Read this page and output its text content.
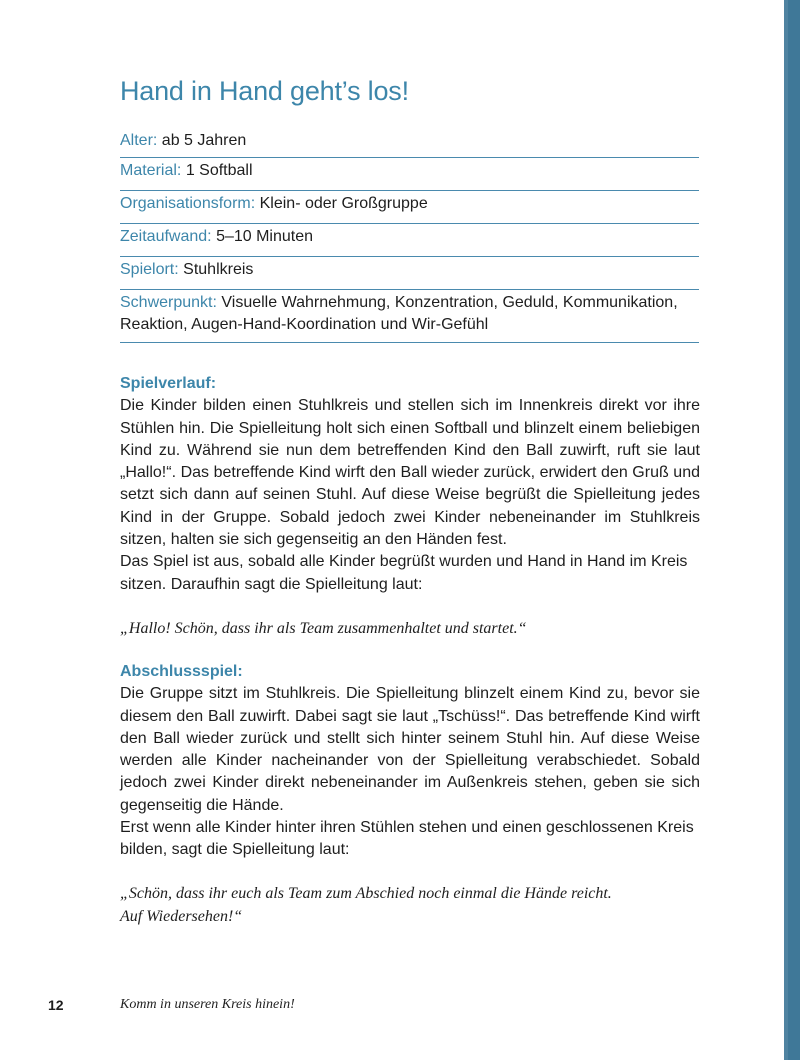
Hand in Hand geht’s los!
Alter: ab 5 Jahren
Material: 1 Softball
Organisationsform: Klein- oder Großgruppe
Zeitaufwand: 5–10 Minuten
Spielort: Stuhlkreis
Schwerpunkt: Visuelle Wahrnehmung, Konzentration, Geduld, Kommunikation, Reaktion, Augen-Hand-Koordination und Wir-Gefühl

Spielverlauf:

Die Kinder bilden einen Stuhlkreis und stellen sich im Innenkreis direkt vor ihre Stühlen hin. Die Spielleitung holt sich einen Softball und blinzelt einem beliebigen Kind zu. Während sie nun dem betreffenden Kind den Ball zuwirft, ruft sie laut „Hallo!“. Das betreffende Kind wirft den Ball wieder zurück, erwidert den Gruß und setzt sich dann auf seinen Stuhl. Auf diese Weise begrüßt die Spielleitung jedes Kind in der Gruppe. Sobald jedoch zwei Kinder nebeneinander im Stuhlkreis sitzen, halten sie sich gegenseitig an den Händen fest.

Das Spiel ist aus, sobald alle Kinder begrüßt wurden und Hand in Hand im Kreis sitzen. Daraufhin sagt die Spielleitung laut:

„Hallo! Schön, dass ihr als Team zusammenhaltet und startet.“

Abschlussspiel:

Die Gruppe sitzt im Stuhlkreis. Die Spielleitung blinzelt einem Kind zu, bevor sie diesem den Ball zuwirft. Dabei sagt sie laut „Tschüss!“. Das betreffende Kind wirft den Ball wieder zurück und stellt sich hinter seinem Stuhl hin. Auf diese Weise werden alle Kinder nacheinander von der Spielleitung verabschiedet. Sobald jedoch zwei Kinder direkt nebeneinander im Außenkreis stehen, geben sie sich gegenseitig die Hände.

Erst wenn alle Kinder hinter ihren Stühlen stehen und einen geschlossenen Kreis bilden, sagt die Spielleitung laut:

„Schön, dass ihr euch als Team zum Abschied noch einmal die Hände reicht.

Auf Wiedersehen!“

12	Komm in unseren Kreis hinein!
